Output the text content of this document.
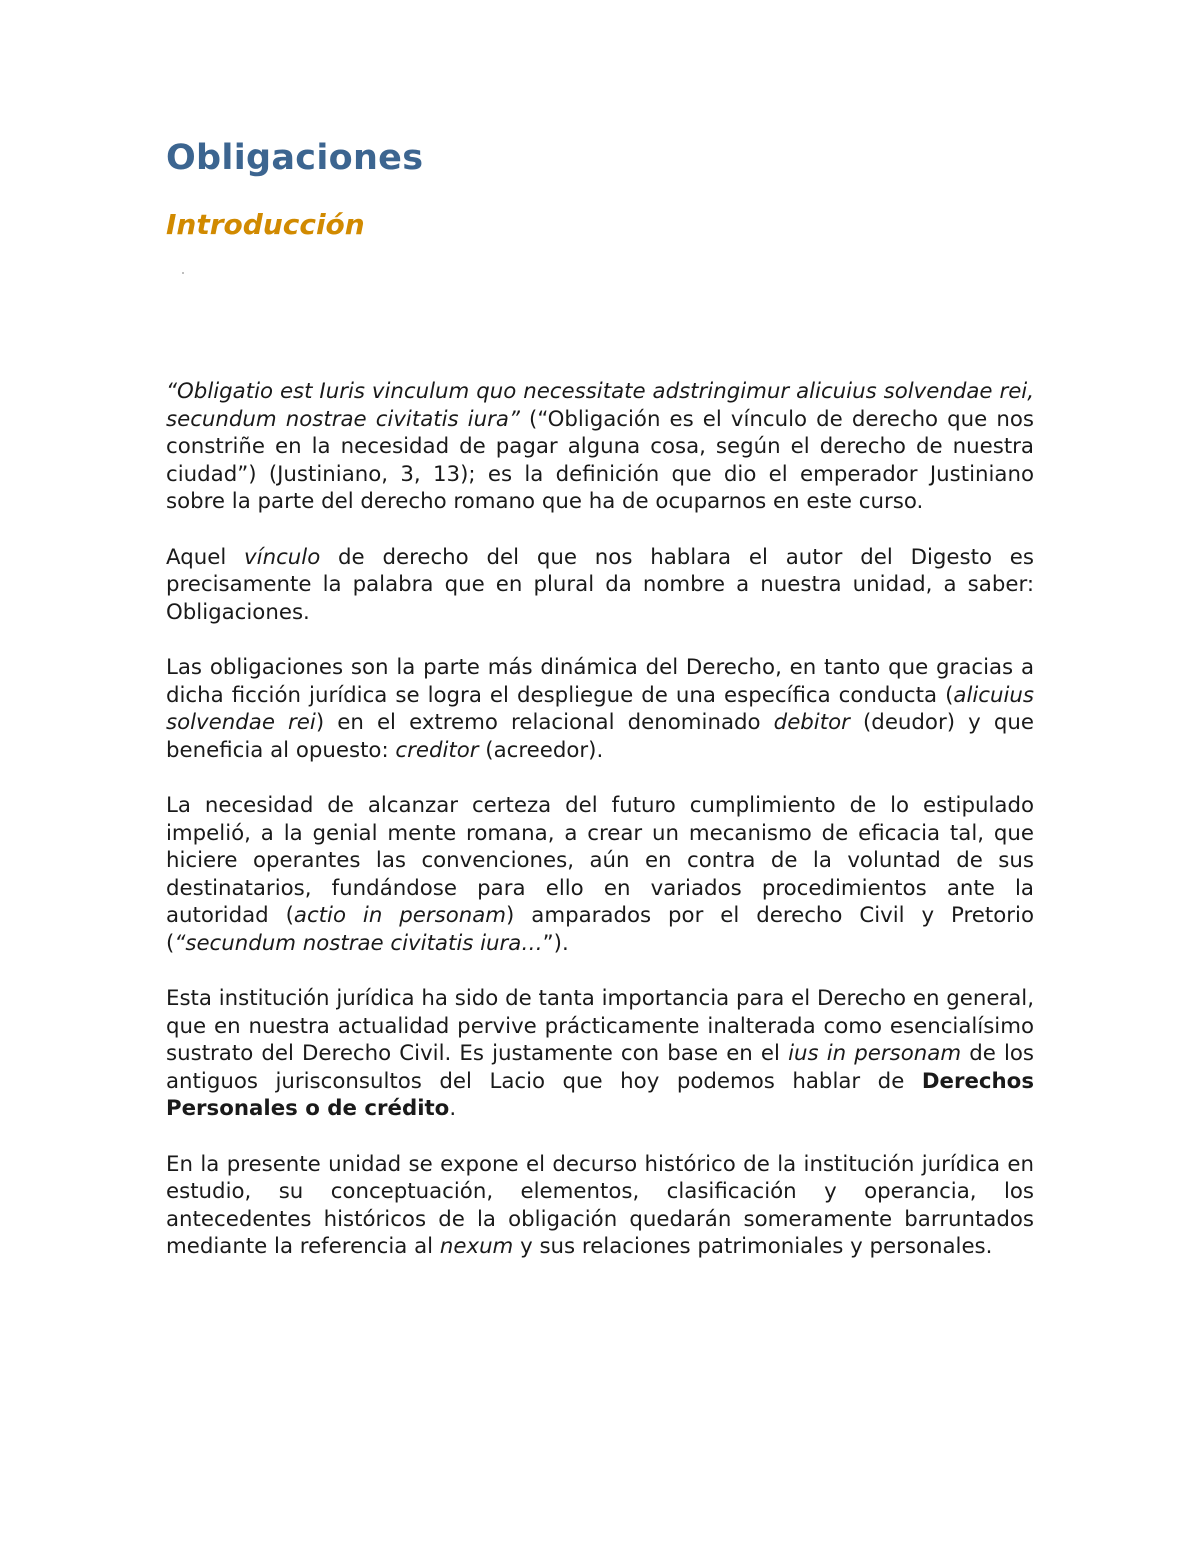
Obligaciones
Introducción

“Obligatio est Iuris vinculum quo necessitate adstringimur alicuius solvendae rei, secundum nostrae civitatis iura” (“Obligación es el vínculo de derecho que nos constriñe en la necesidad de pagar alguna cosa, según el derecho de nuestra ciudad”) (Justiniano, 3, 13); es la definición que dio el emperador Justiniano sobre la parte del derecho romano que ha de ocuparnos en este curso.

Aquel vínculo de derecho del que nos hablara el autor del Digesto es precisamente la palabra que en plural da nombre a nuestra unidad, a saber: Obligaciones.

Las obligaciones son la parte más dinámica del Derecho, en tanto que gracias a dicha ficción jurídica se logra el despliegue de una específica conducta (alicuius solvendae rei) en el extremo relacional denominado debitor (deudor) y que beneficia al opuesto: creditor (acreedor).

La necesidad de alcanzar certeza del futuro cumplimiento de lo estipulado impelió, a la genial mente romana, a crear un mecanismo de eficacia tal, que hiciere operantes las convenciones, aún en contra de la voluntad de sus destinatarios, fundándose para ello en variados procedimientos ante la autoridad (actio in personam) amparados por el derecho Civil y Pretorio (“secundum nostrae civitatis iura…”).

Esta institución jurídica ha sido de tanta importancia para el Derecho en general, que en nuestra actualidad pervive prácticamente inalterada como esencialísimo sustrato del Derecho Civil. Es justamente con base en el ius in personam de los antiguos jurisconsultos del Lacio que hoy podemos hablar de Derechos Personales o de crédito.

En la presente unidad se expone el decurso histórico de la institución jurídica en estudio, su conceptuación, elementos, clasificación y operancia, los antecedentes históricos de la obligación quedarán someramente barruntados mediante la referencia al nexum y sus relaciones patrimoniales y personales.
